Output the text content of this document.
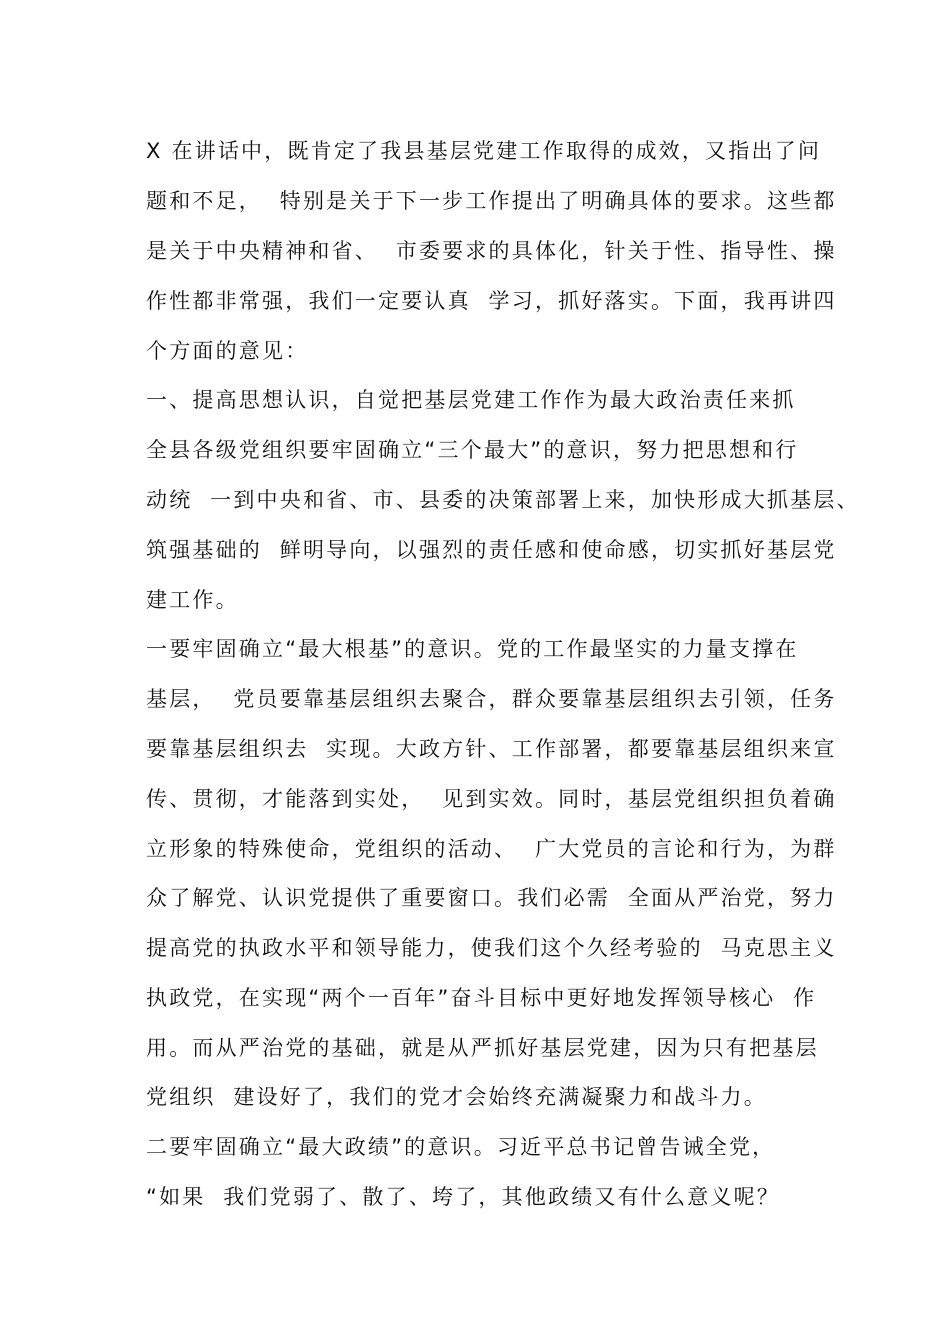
X 在讲话中，既肯定了我县基层党建工作取得的成效，又指出了问
题和不足，  特别是关于下一步工作提出了明确具体的要求。这些都
是关于中央精神和省、  市委要求的具体化，针关于性、指导性、操
作性都非常强，我们一定要认真  学习，抓好落实。下面，我再讲四
个方面的意见：
一、提高思想认识，自觉把基层党建工作作为最大政治责任来抓
全县各级党组织要牢固确立“三个最大”的意识，努力把思想和行
动统  一到中央和省、市、县委的决策部署上来，加快形成大抓基层、
筑强基础的  鲜明导向，以强烈的责任感和使命感，切实抓好基层党
建工作。
一要牢固确立“最大根基”的意识。党的工作最坚实的力量支撑在
基层，  党员要靠基层组织去聚合，群众要靠基层组织去引领，任务
要靠基层组织去  实现。大政方针、工作部署，都要靠基层组织来宣
传、贯彻，才能落到实处，  见到实效。同时，基层党组织担负着确
立形象的特殊使命，党组织的活动、  广大党员的言论和行为，为群
众了解党、认识党提供了重要窗口。我们必需  全面从严治党，努力
提高党的执政水平和领导能力，使我们这个久经考验的  马克思主义
执政党，在实现“两个一百年”奋斗目标中更好地发挥领导核心  作
用。而从严治党的基础，就是从严抓好基层党建，因为只有把基层
党组织  建设好了，我们的党才会始终充满凝聚力和战斗力。
二要牢固确立“最大政绩”的意识。习近平总书记曾告诫全党，
“如果  我们党弱了、散了、垮了，其他政绩又有什么意义呢？
